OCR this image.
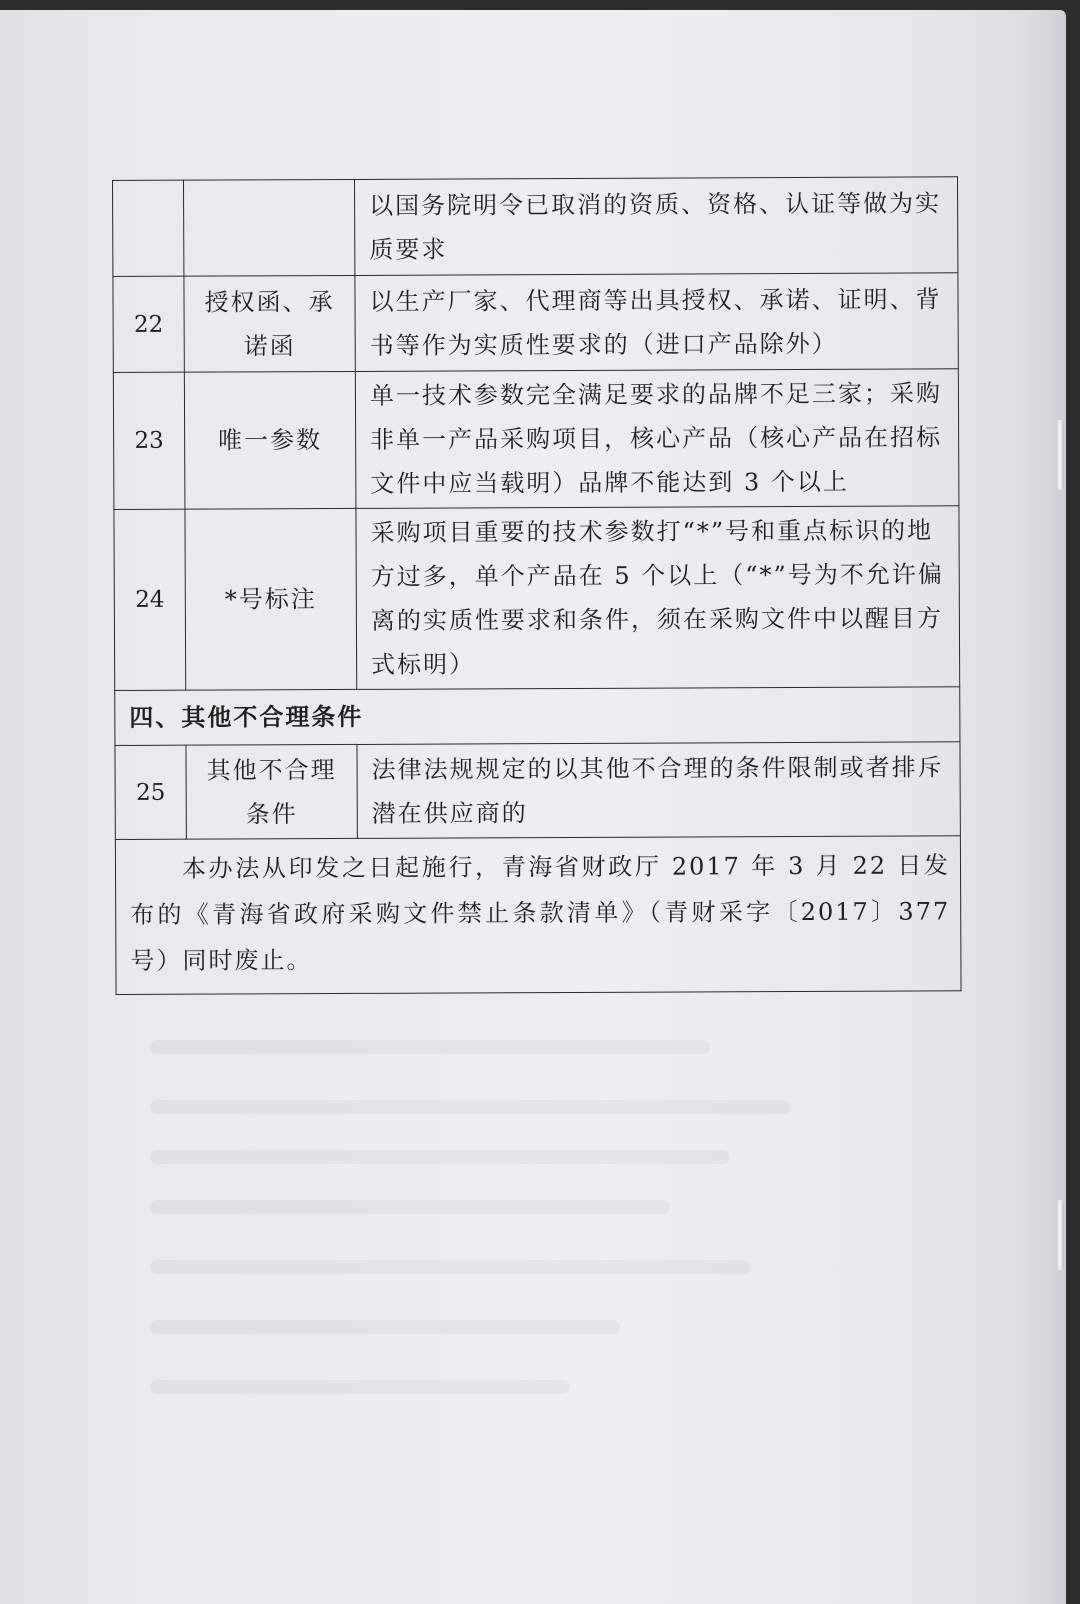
		以国务院明令已取消的资质、资格、认证等做为实质要求
22	授权函、承诺函	以生产厂家、代理商等出具授权、承诺、证明、背书等作为实质性要求的（进口产品除外）
23	唯一参数	单一技术参数完全满足要求的品牌不足三家；采购非单一产品采购项目，核心产品（核心产品在招标文件中应当载明）品牌不能达到 3 个以上
24	*号标注	采购项目重要的技术参数打“*”号和重点标识的地方过多，单个产品在 5 个以上（“*”号为不允许偏离的实质性要求和条件，须在采购文件中以醒目方式标明）
四、其他不合理条件		
25	其他不合理条件	法律法规规定的以其他不合理的条件限制或者排斥潜在供应商的
本办法从印发之日起施行，青海省财政厅 2017 年 3 月 22 日发布的《青海省政府采购文件禁止条款清单》（青财采字〔2017〕377 号）同时废止。		
